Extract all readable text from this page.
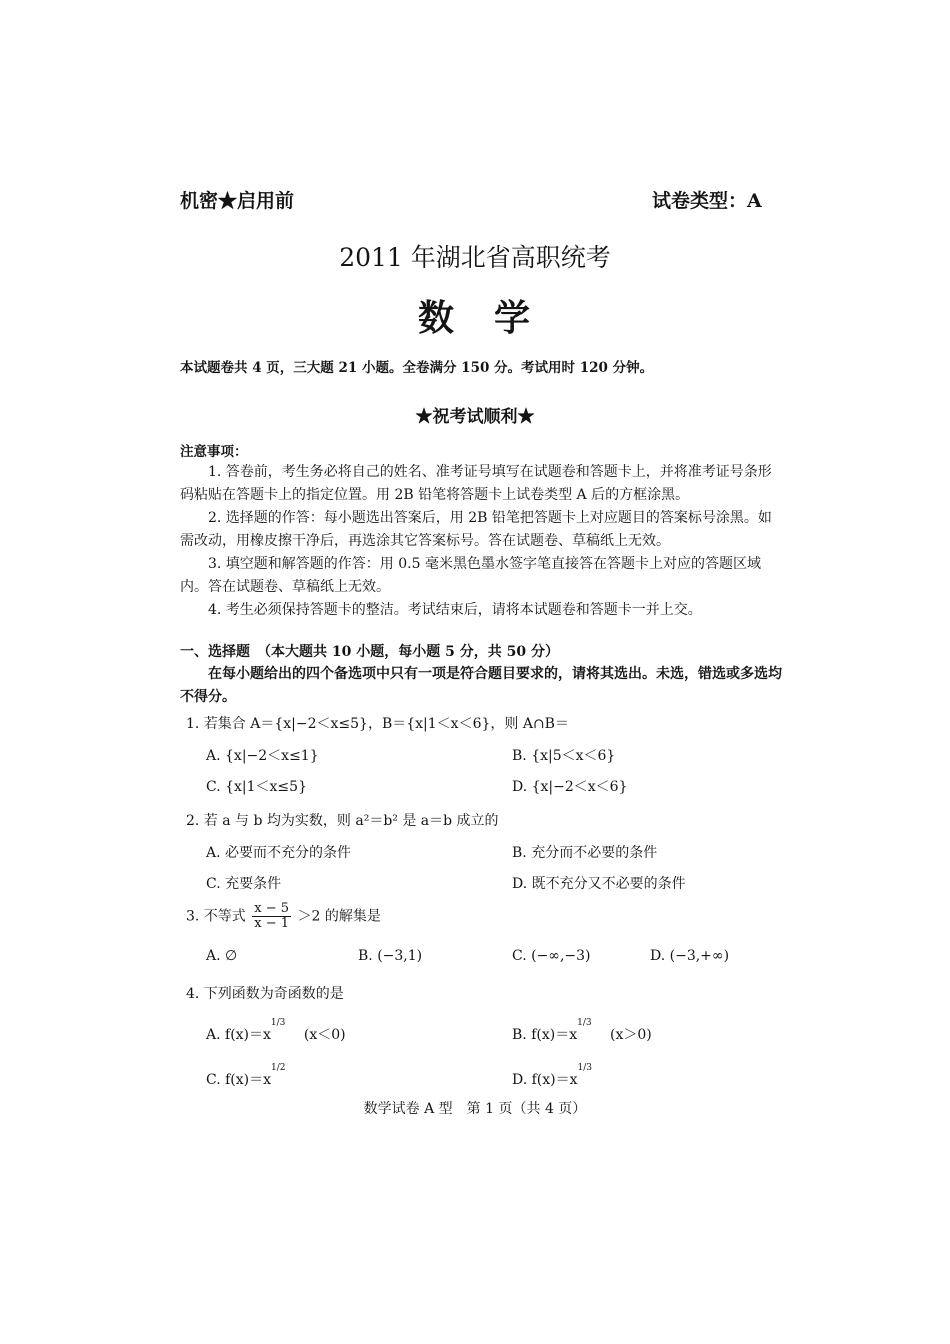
机密★启用前	试卷类型：A
2011 年湖北省高职统考
数　学
本试题卷共 4 页，三大题 21 小题。全卷满分 150 分。考试用时 120 分钟。
★祝考试顺利★
注意事项：
1. 答卷前，考生务必将自己的姓名、准考证号填写在试题卷和答题卡上，并将准考证号条形码粘贴在答题卡上的指定位置。用 2B 铅笔将答题卡上试卷类型 A 后的方框涂黑。
2. 选择题的作答：每小题选出答案后，用 2B 铅笔把答题卡上对应题目的答案标号涂黑。如需改动，用橡皮擦干净后，再选涂其它答案标号。答在试题卷、草稿纸上无效。
3. 填空题和解答题的作答：用 0.5 毫米黑色墨水签字笔直接答在答题卡上对应的答题区域内。答在试题卷、草稿纸上无效。
4. 考生必须保持答题卡的整洁。考试结束后，请将本试题卷和答题卡一并上交。
一、选择题　（本大题共 10 小题，每小题 5 分，共 50 分）
在每小题给出的四个备选项中只有一项是符合题目要求的，请将其选出。未选，错选或多选均不得分。
1. 若集合 A＝{x|−2＜x≤5}，B＝{x|1＜x＜6}，则 A∩B＝
A. {x|−2＜x≤1}	B. {x|5＜x＜6}
C. {x|1＜x≤5}	D. {x|−2＜x＜6}
2. 若 a 与 b 均为实数，则 a²＝b² 是 a＝b 成立的
A. 必要而不充分的条件	B. 充分而不必要的条件
C. 充要条件	D. 既不充分又不必要的条件
3. 不等式 $\frac{x - 5}{x - 1} >2$ 的解集是
A. ∅	B. (−3,1)	C. (−∞,−3)	D. (−3,+∞)
4. 下列函数为奇函数的是
A. $f(x)=x^{1/3}$ (x＜0)	B. $f(x)=x^{1/3}$ (x＞0)
C. $f(x)=x^{1/2}$
D. $f(x)=x^{1/3}$
数学试卷 A 型　第 1 页（共 4 页）
